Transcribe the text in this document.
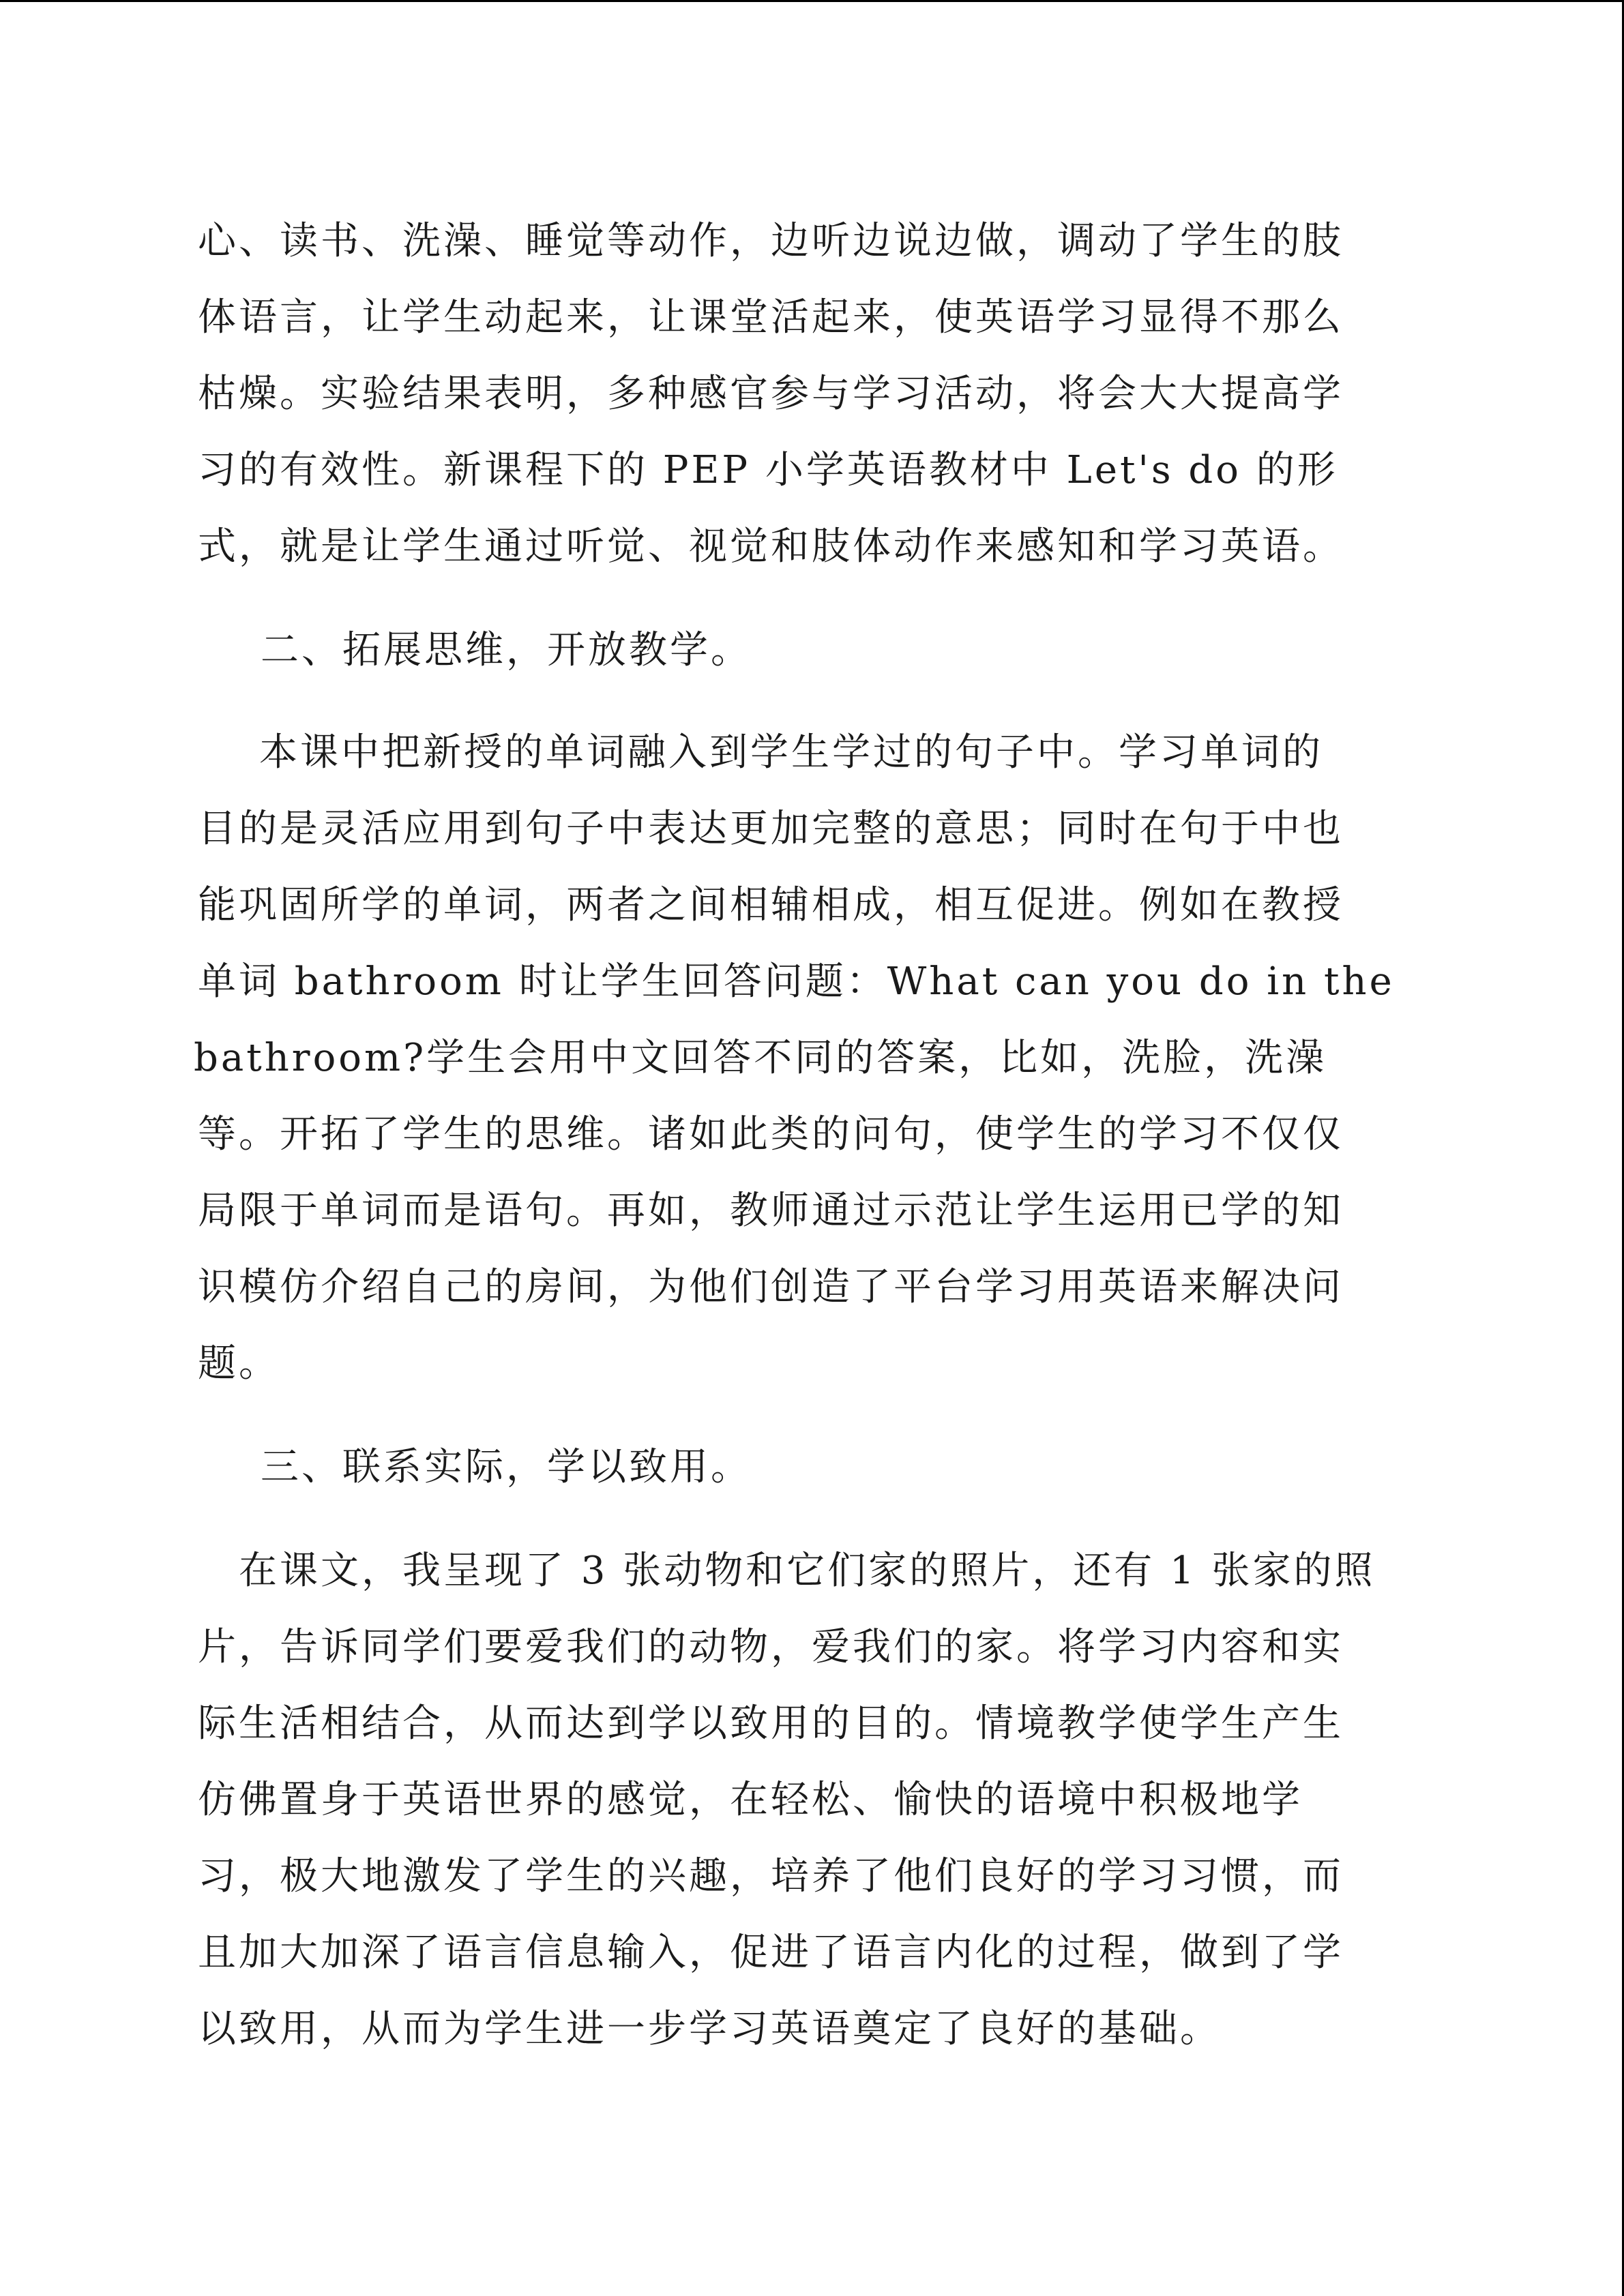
心、读书、洗澡、睡觉等动作，边听边说边做，调动了学生的肢
体语言，让学生动起来，让课堂活起来，使英语学习显得不那么
枯燥。实验结果表明，多种感官参与学习活动，将会大大提高学
习的有效性。新课程下的 PEP 小学英语教材中 Let's do 的形
式，就是让学生通过听觉、视觉和肢体动作来感知和学习英语。
二、拓展思维，开放教学。
本课中把新授的单词融入到学生学过的句子中。学习单词的
目的是灵活应用到句子中表达更加完整的意思；同时在句于中也
能巩固所学的单词，两者之间相辅相成，相互促进。例如在教授
单词 bathroom 时让学生回答问题：What can you do in the
bathroom?学生会用中文回答不同的答案，比如，洗脸，洗澡
等。开拓了学生的思维。诸如此类的问句，使学生的学习不仅仅
局限于单词而是语句。再如，教师通过示范让学生运用已学的知
识模仿介绍自己的房间，为他们创造了平台学习用英语来解决问
题。
三、联系实际，学以致用。
在课文，我呈现了 3 张动物和它们家的照片，还有 1 张家的照
片，告诉同学们要爱我们的动物，爱我们的家。将学习内容和实
际生活相结合，从而达到学以致用的目的。情境教学使学生产生
仿佛置身于英语世界的感觉，在轻松、愉快的语境中积极地学
习，极大地激发了学生的兴趣，培养了他们良好的学习习惯，而
且加大加深了语言信息输入，促进了语言内化的过程，做到了学
以致用，从而为学生进一步学习英语奠定了良好的基础。
